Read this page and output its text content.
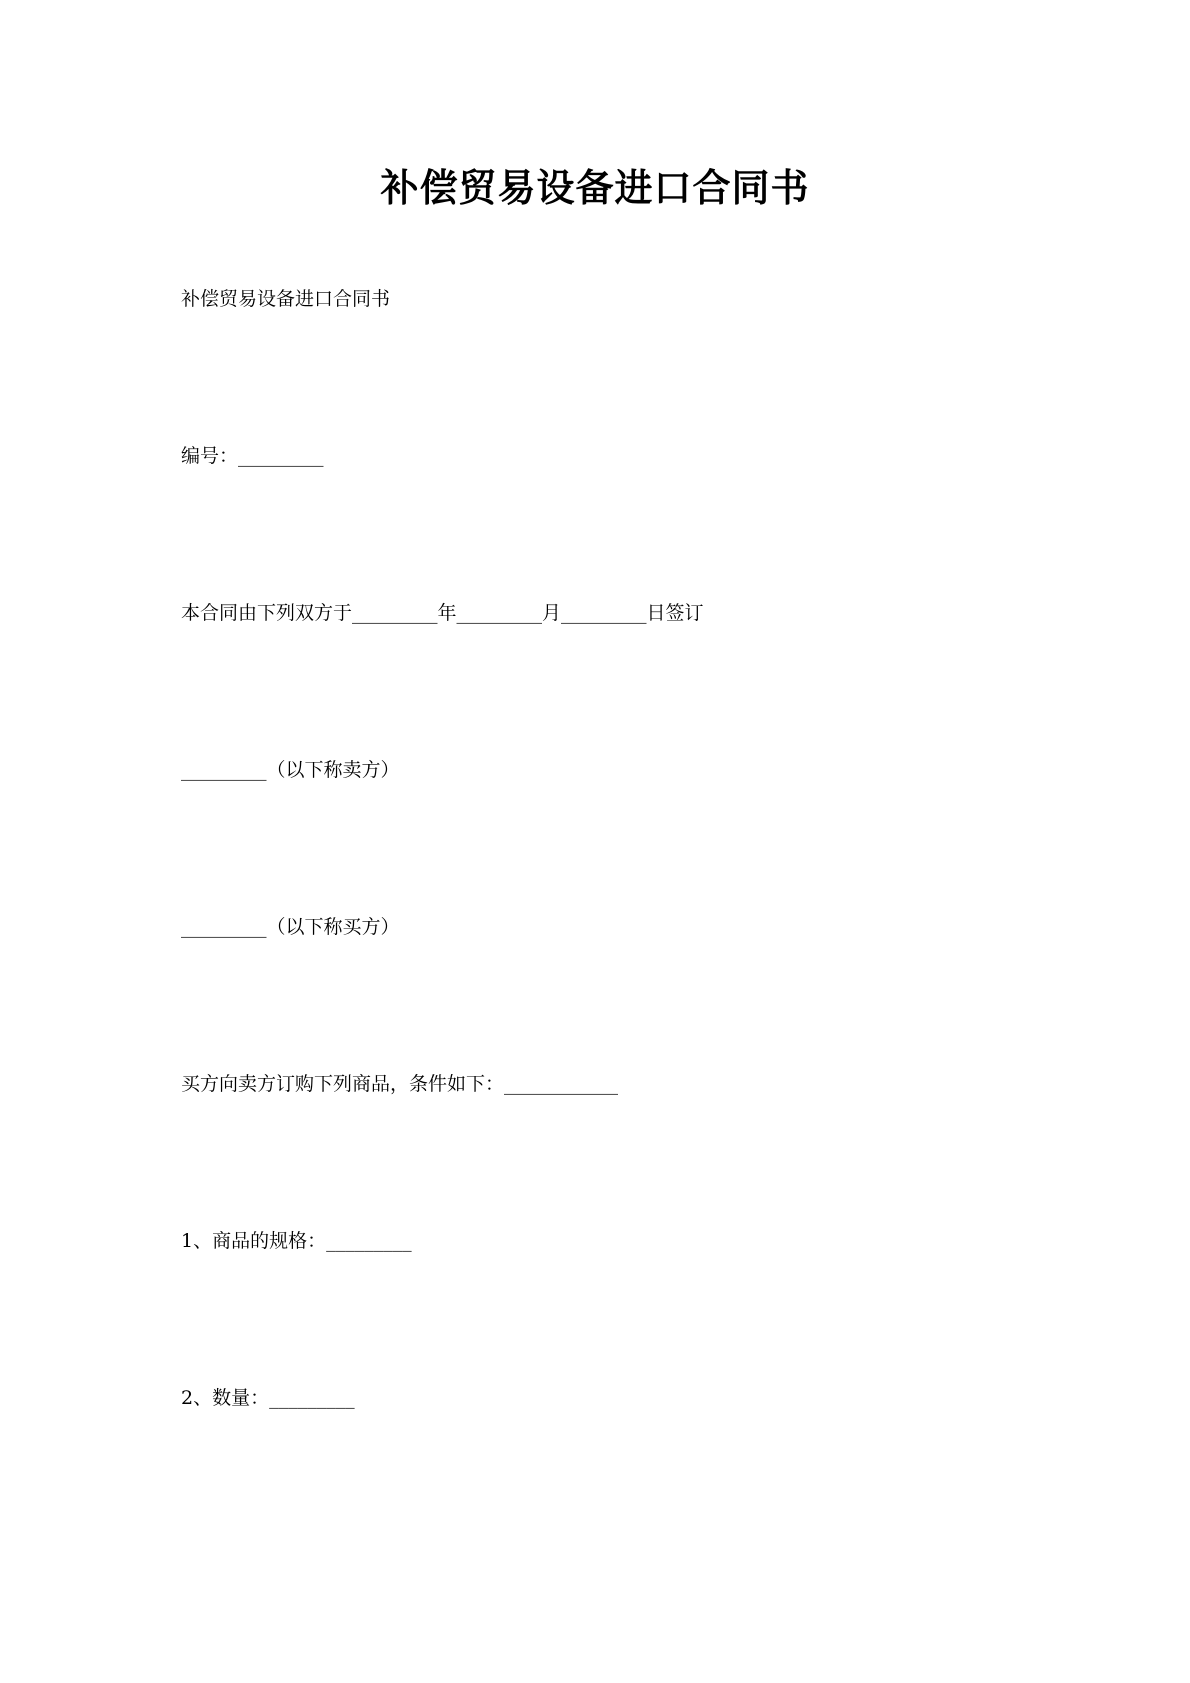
补偿贸易设备进口合同书

补偿贸易设备进口合同书

编号：_________

本合同由下列双方于_________年_________月_________日签订

_________（以下称卖方）

_________（以下称买方）

买方向卖方订购下列商品，条件如下：____________

1、商品的规格：_________

2、数量：_________
